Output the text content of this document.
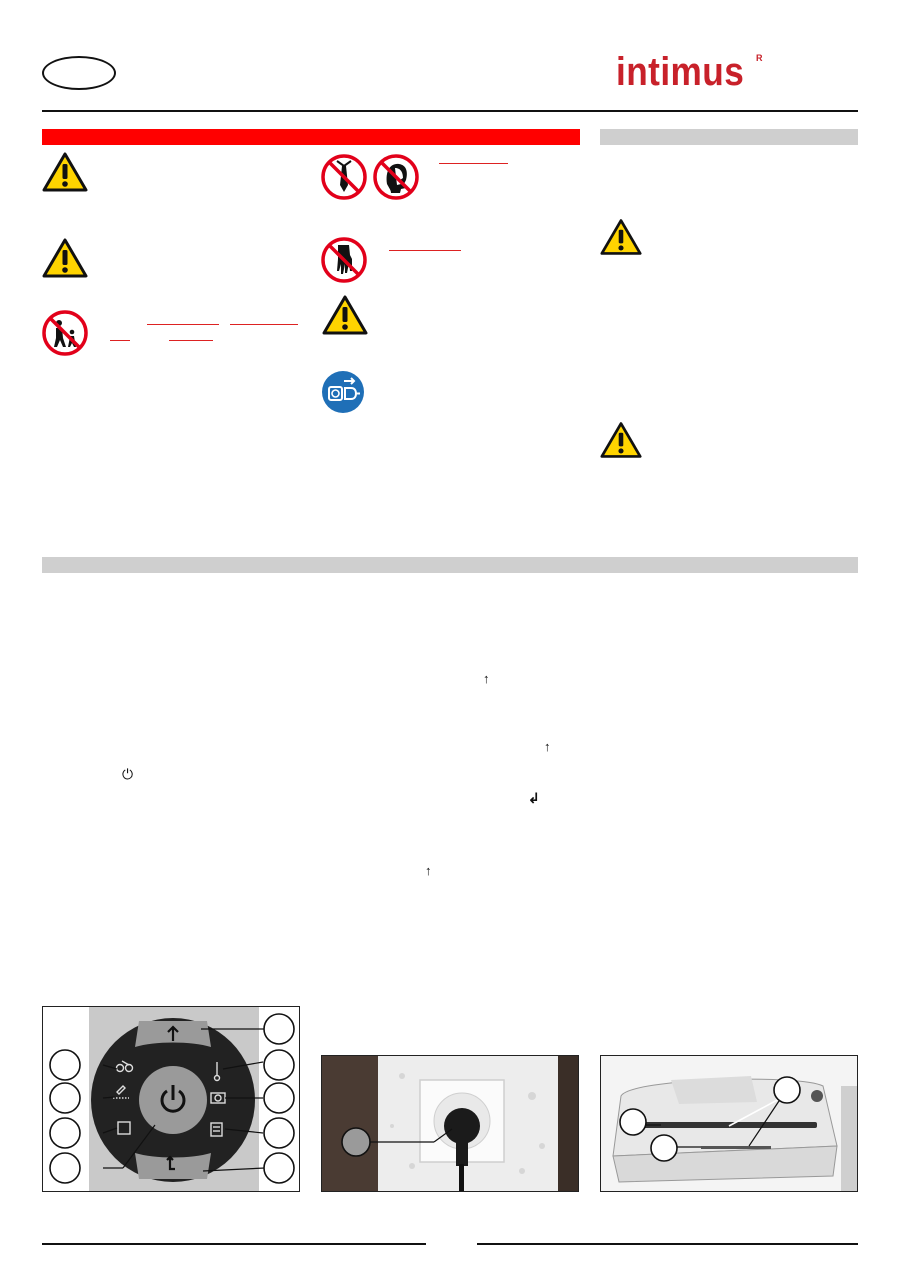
intimus R
↑
↑
⏻
↲
↑
